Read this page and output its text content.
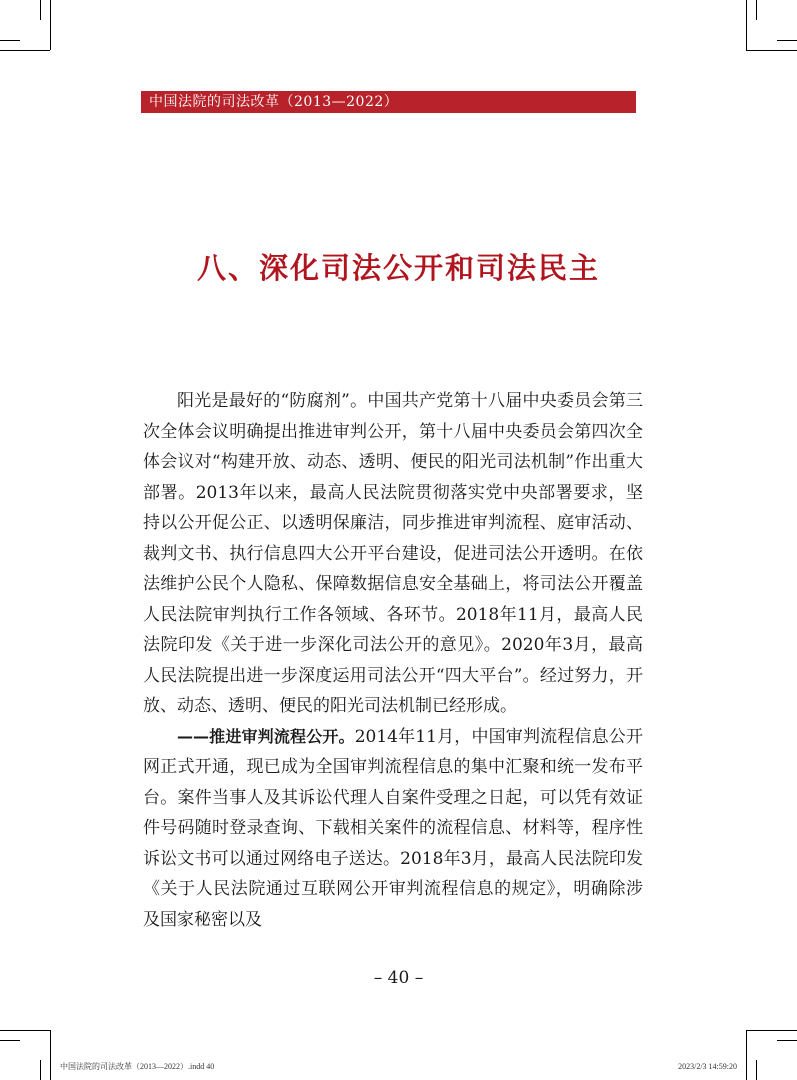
中国法院的司法改革（2013—2022）
八、深化司法公开和司法民主

阳光是最好的“防腐剂”。中国共产党第十八届中央委员会第三次全体会议明确提出推进审判公开，第十八届中央委员会第四次全体会议对“构建开放、动态、透明、便民的阳光司法机制”作出重大部署。2013年以来，最高人民法院贯彻落实党中央部署要求，坚持以公开促公正、以透明保廉洁，同步推进审判流程、庭审活动、裁判文书、执行信息四大公开平台建设，促进司法公开透明。在依法维护公民个人隐私、保障数据信息安全基础上，将司法公开覆盖人民法院审判执行工作各领域、各环节。2018年11月，最高人民法院印发《关于进一步深化司法公开的意见》。2020年3月，最高人民法院提出进一步深度运用司法公开“四大平台”。经过努力，开放、动态、透明、便民的阳光司法机制已经形成。

——推进审判流程公开。2014年11月，中国审判流程信息公开网正式开通，现已成为全国审判流程信息的集中汇聚和统一发布平台。案件当事人及其诉讼代理人自案件受理之日起，可以凭有效证件号码随时登录查询、下载相关案件的流程信息、材料等，程序性诉讼文书可以通过网络电子送达。2018年3月，最高人民法院印发《关于人民法院通过互联网公开审判流程信息的规定》，明确除涉及国家秘密以及

– 40 –
中国法院的司法改革（2013—2022）.indd 40	2023/2/3 14:59:20
